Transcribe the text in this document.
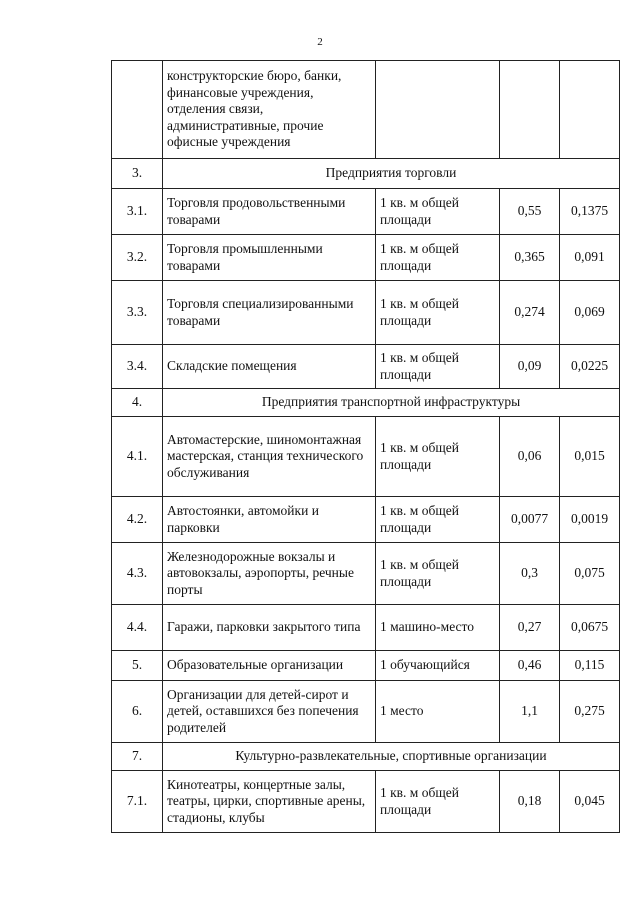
2
	конструкторские бюро, банки, финансовые учреждения, отделения связи, административные, прочие офисные учреждения			
3.	Предприятия торговли			
3.1.	Торговля продовольственными товарами	1 кв. м общей площади	0,55	0,1375
3.2.	Торговля промышленными товарами	1 кв. м общей площади	0,365	0,091
3.3.	Торговля специализированными товарами	1 кв. м общей площади	0,274	0,069
3.4.	Складские помещения	1 кв. м общей площади	0,09	0,0225
4.	Предприятия транспортной инфраструктуры			
4.1.	Автомастерские, шиномонтажная мастерская, станция технического обслуживания	1 кв. м общей площади	0,06	0,015
4.2.	Автостоянки, автомойки и парковки	1 кв. м общей площади	0,0077	0,0019
4.3.	Железнодорожные вокзалы и автовокзалы, аэропорты, речные порты	1 кв. м общей площади	0,3	0,075
4.4.	Гаражи, парковки закрытого типа	1 машино-место	0,27	0,0675
5.	Образовательные организации	1 обучающийся	0,46	0,115
6.	Организации для детей-сирот и детей, оставшихся без попечения родителей	1 место	1,1	0,275
7.	Культурно-развлекательные, спортивные организации			
7.1.	Кинотеатры, концертные залы, театры, цирки, спортивные арены, стадионы, клубы	1 кв. м общей площади	0,18	0,045
